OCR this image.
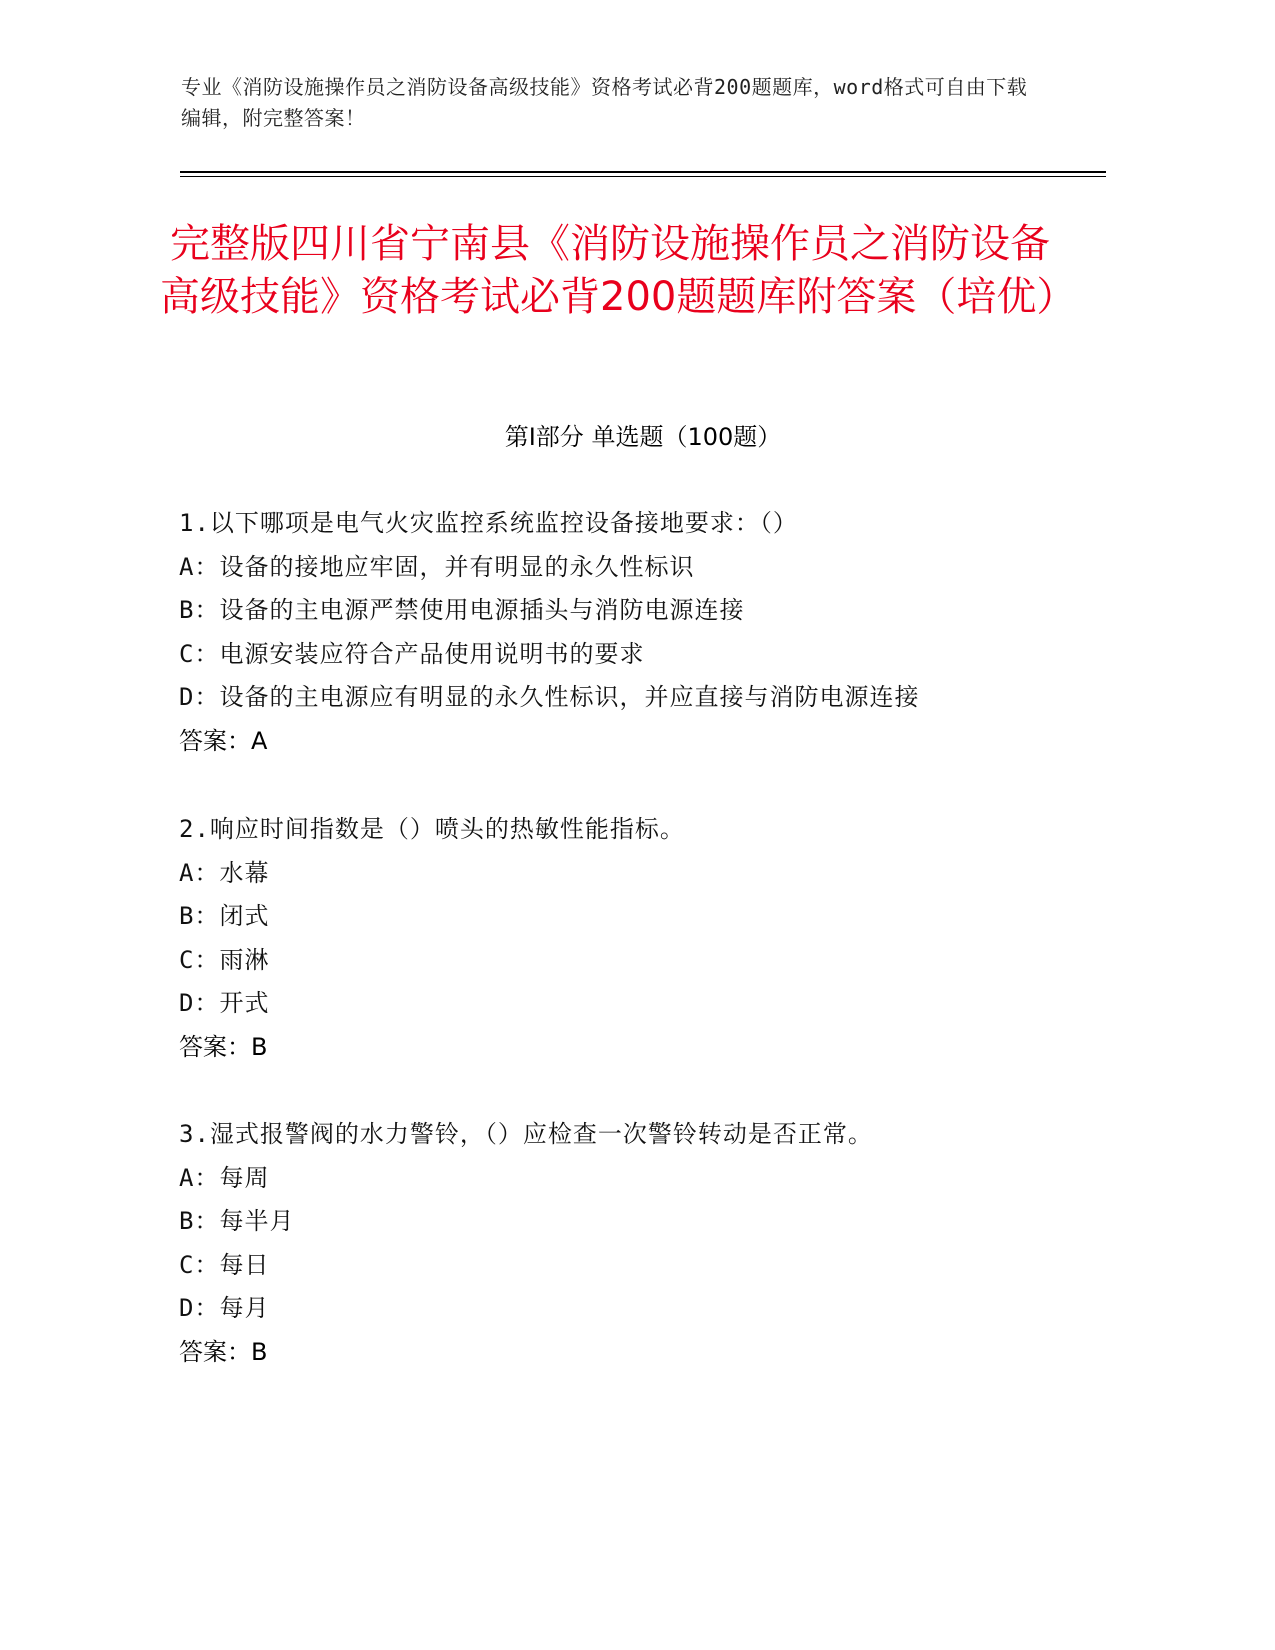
专业《消防设施操作员之消防设备高级技能》资格考试必背200题题库，word格式可自由下载编辑，附完整答案！
完整版四川省宁南县《消防设施操作员之消防设备高级技能》资格考试必背200题题库附答案（培优）
第Ⅰ部分 单选题（100题）
1.以下哪项是电气火灾监控系统监控设备接地要求：（）
A：设备的接地应牢固，并有明显的永久性标识
B：设备的主电源严禁使用电源插头与消防电源连接
C：电源安装应符合产品使用说明书的要求
D：设备的主电源应有明显的永久性标识，并应直接与消防电源连接
答案：A
2.响应时间指数是（）喷头的热敏性能指标。
A：水幕
B：闭式
C：雨淋
D：开式
答案：B
3.湿式报警阀的水力警铃，（）应检查一次警铃转动是否正常。
A：每周
B：每半月
C：每日
D：每月
答案：B
